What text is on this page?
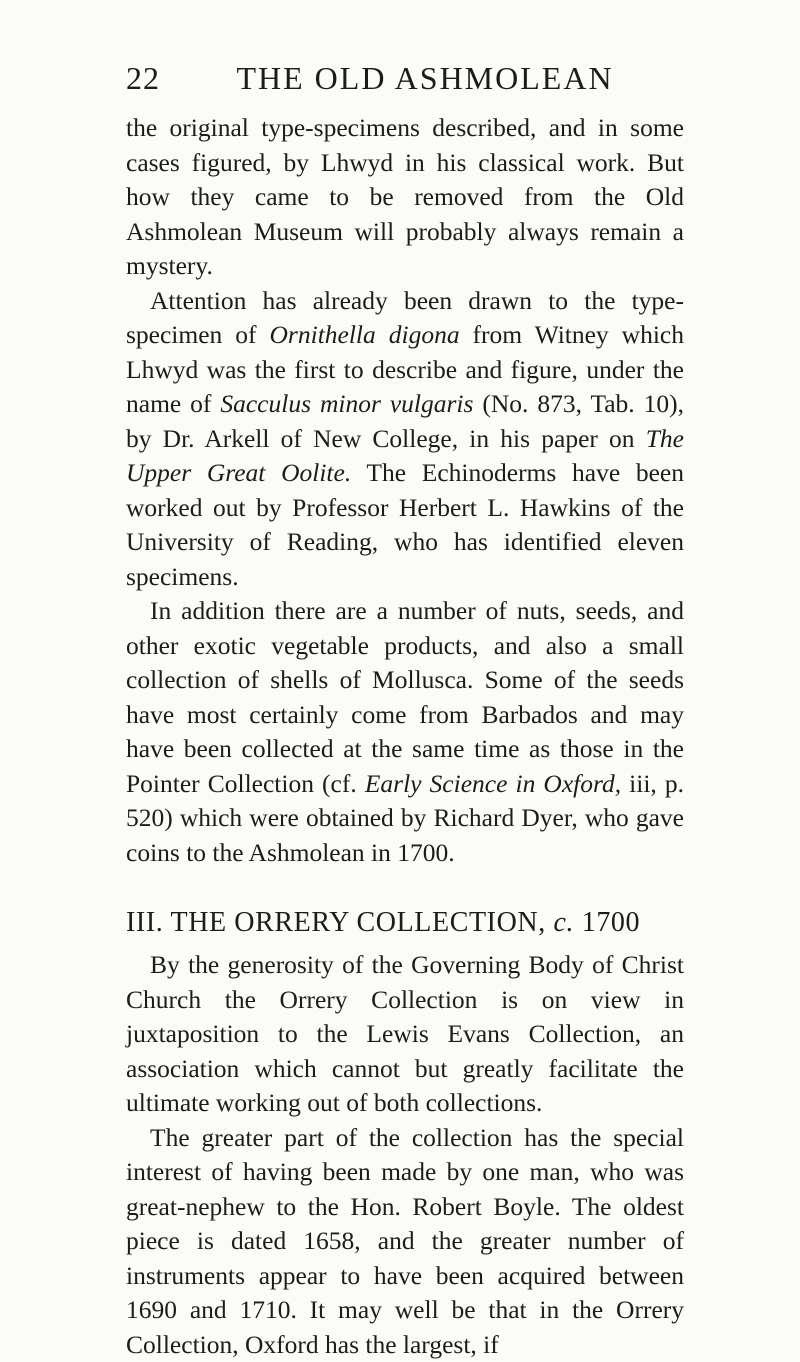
22	THE OLD ASHMOLEAN

the original type-specimens described, and in some cases figured, by Lhwyd in his classical work. But how they came to be removed from the Old Ashmolean Museum will probably always remain a mystery.

Attention has already been drawn to the type-specimen of Ornithella digona from Witney which Lhwyd was the first to describe and figure, under the name of Sacculus minor vulgaris (No. 873, Tab. 10), by Dr. Arkell of New College, in his paper on The Upper Great Oolite. The Echinoderms have been worked out by Professor Herbert L. Hawkins of the University of Reading, who has identified eleven specimens.

In addition there are a number of nuts, seeds, and other exotic vegetable products, and also a small collection of shells of Mollusca. Some of the seeds have most certainly come from Barbados and may have been collected at the same time as those in the Pointer Collection (cf. Early Science in Oxford, iii, p. 520) which were obtained by Richard Dyer, who gave coins to the Ashmolean in 1700.

III. THE ORRERY COLLECTION, c. 1700

By the generosity of the Governing Body of Christ Church the Orrery Collection is on view in juxtaposition to the Lewis Evans Collection, an association which cannot but greatly facilitate the ultimate working out of both collections.

The greater part of the collection has the special interest of having been made by one man, who was great-nephew to the Hon. Robert Boyle. The oldest piece is dated 1658, and the greater number of instruments appear to have been acquired between 1690 and 1710. It may well be that in the Orrery Collection, Oxford has the largest, if
